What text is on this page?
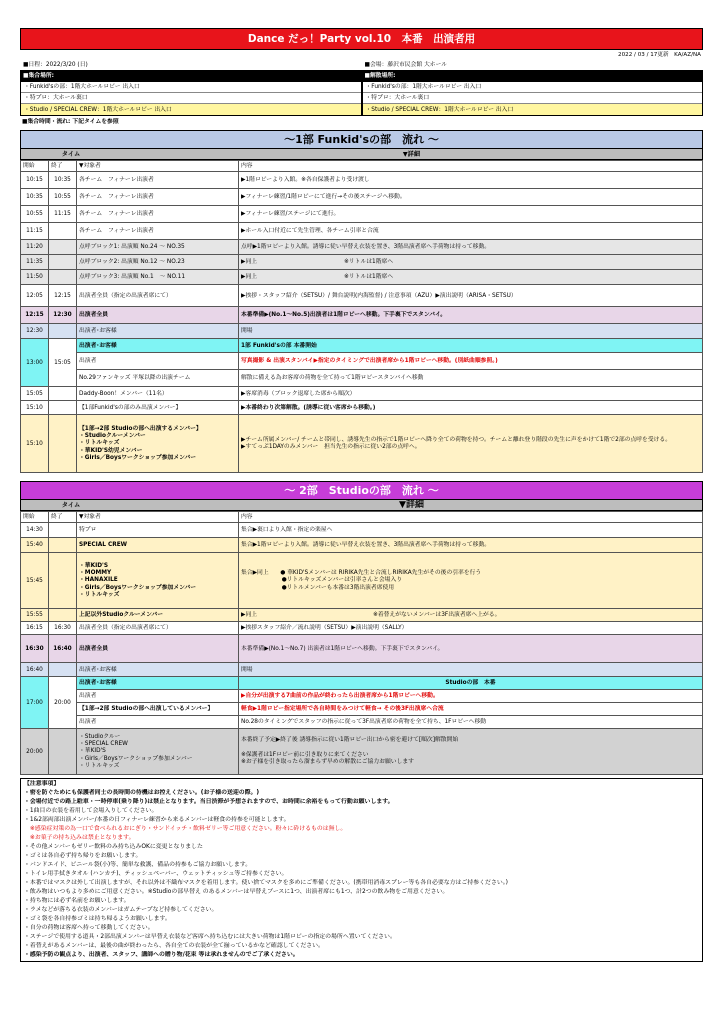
Dance だっ！Party vol.10　本番　出演者用
2022 / 03 / 17更新　KA/AZ/NA
■日程：2022/3/20 (日)
■集合場所:
・Funkid'sの部：1階大ホールロビー 出入口
・特プロ：大ホール裏口
・Studio / SPECIAL CREW：1階大ホールロビー 出入口
■会場：藤沢市民会館 大ホール
■解散場所:
・Funkid'sの部：1階大ホールロビー 出入口
・特プロ：大ホール裏口
・Studio / SPECIAL CREW：1階大ホールロビー 出入口
■集合時間・流れ: 下記タイムを参照
〜1部 Funkid'sの部　流れ 〜
タイム	▼詳細
開始	終了	▼対象者	内容
10:15	10:35	各チーム　フィナーレ出演者	▶1階ロビーより入館。※各自保護者より受け渡し
10:35	10:55	各チーム　フィナーレ出演者	▶フィナーレ練習/1階ロビーにて進行→その後ステージへ移動。
10:55	11:15	各チーム　フィナーレ出演者	▶フィナーレ練習/ステージにて進行。
11:15		各チーム　フィナーレ出演者	▶ホール入口付近にて先生管理、各チーム引率と合流
11:20		点呼ブロック1: 出演順 No.24 〜 NO.35	点呼▶1階ロビーより入館。誘導に従い早替え衣装を置き、3階出演者席へ手荷物は持って移動。
11:35		点呼ブロック2: 出演順 No.12 〜 NO.23	▶同上　　　　　　　　　　　　　　　※リトルは1階席へ
11:50		点呼ブロック3: 出演順 No.1　〜 NO.11	▶同上　　　　　　　　　　　　　　　※リトルは1階席へ
12:05	12:15	出演者全員（指定の出演者席にて）	▶挨拶・スタッフ紹介（SETSU）/ 舞台説明(内海監督) / 注意事項（AZU）▶演出説明（ARISA・SETSU）
12:15	12:30	出演者全員	本番準備▶(No.1〜No.5)出演者は1階ロビーへ移動。下手裏下でスタンバイ。
12:30		出演者･お客様	開場
13:00	15:05	出演者･お客様	1部 Funkid'sの部 本番開始
		出演者	写真撮影 & 出演スタンバイ▶指定のタイミングで出演者席から1階ロビーへ移動。(別紙曲順参照。)
		No.29ファンキッズ 平塚以降の出演チーム	解散に備える為お客席の荷物を全て持って1階ロビースタンバイへ移動
15:05		Daddy-Boon！メンバー（11名）	▶客席消毒（ブロック退席した席から順次）
15:10		【1部Funkid'sの部のみ出演メンバー】	▶本番終わり次第解散。(誘導に従い客席から移動。)
15:10		【1部→2部 Studioの部へ出演するメンバー】
・Studioクルーメンバー
・リトルキッズ
・華KID'S幼児メンバー
・Girls／Boysワークショップ参加メンバー	▶チーム所属メンバー/ チームと帯同し、誘導先生の指示で1階ロビーへ降り全ての荷物を持つ。チームと離れ登り階段の先生に声をかけて1階で2部の点呼を受ける。
▶すてっぷ1DAYのみメンバー　担当先生の指示に従い2部の点呼へ。
〜 2部　Studioの部　流れ 〜
タイム	▼詳細
開始	終了	▼対象者	内容
14:30		特プロ	集合▶裏口より入館・指定の楽屋へ
15:40		SPECIAL CREW	集合▶1階ロビーより入館。誘導に従い早替え衣装を置き、3階出演者席へ手荷物は持って移動。
15:45		・華KID'S
・MOMMY
・HANAXILE
・Girls／Boysワークショップ参加メンバー
・リトルキッズ	集合▶同上　　● 華KID'Sメンバーは RIRIKA先生と合流しRIRIKA先生がその後の引率を行う
　　　　　　　●リトルキッズメンバーは引率さんと会場入り
　　　　　　　●リトルメンバーも本番は3階出演者席使用
15:55		上記以外Studioクルーメンバー	▶同上　　　　　　　　　　　　　　　　　　　　※着替えがないメンバーは3F出演者席へ上がる。
16:15	16:30	出演者全員（指定の出演者席にて）	▶挨拶スタッフ紹介／流れ説明（SETSU）▶演出説明（SALLY）
16:30	16:40	出演者全員	本番準備▶(No.1〜No.7) 出演者は1階ロビーへ移動。下手裏下でスタンバイ。
16:40		出演者･お客様	開場
17:00	20:00	出演者･お客様	Studioの部　本番
		出演者	▶自分が出演する7曲前の作品が終わったら出演者席から1階ロビーへ移動。
		【1部→2部 Studioの部へ出演しているメンバー】	軽食▶1階ロビー指定場所で各自時間をみつけて軽食→ その後3F出演席へ合流
		出演者	No.28のタイミングでスタッフの指示に従って3F出演者席の荷物を全て持ち、1Fロビーへ移動
20:00		・Studioクルー
・SPECIAL CREW
・華KID'S
・Girls／Boysワークショップ参加メンバー
・リトルキッズ	本番終了予定▶終了後 誘導指示に従い1階ロビー出口から密を避けて[順次]解散開始

※保護者は1Fロビー前に引き取りに来てください
※お子様を引き取ったら溜まらず早めの解散にご協力お願いします
【注意事項】
・密を防ぐためにも保護者同士の長時間の待機はお控えください。(お子様の送迎の際。)
・会場付近での路上駐車・一時停車(乗り降り)は禁止となります。当日渋滞が予想されますので、お時間に余裕をもって行動お願いします。
・1曲目の衣装を着用して会場入りしてください。
・1&2部両部出演メンバー/本番の日フィナーレ練習から来るメンバーは軽食の持参を可能とします。
　※感染症対策の為一口で食べられるおにぎり・サンドイッチ・飲料ゼリー等ご用意ください。粉々に砕けるものは無し。
　※お菓子の持ち込みは禁止となります。
・その他メンバーもゼリー飲料のみ持ち込みOKに変更となりました
・ゴミは各自必ず持ち帰りをお願いします。
・バンドエイド、ビニール袋(小)等、簡単な救護、備品の持参もご協力お願いします。
・トイレ用手拭きタオル (ハンカチ)、ティッシュペーパー、ウェットティッシュ等ご持参ください。
・本番ではマスクは外して出演しますが、それ以外は不織布マスクを着用します。使い捨てマスクを多めにご準備ください。(携帯用消毒スプレー等も各自必要な方はご持参ください。)
・飲み物はいつもより多めにご用意ください。※Studioの部早替え のあるメンバーは早替えブースに1つ、出演者席にも1つ、計2つの飲み物をご用意ください。
・持ち物には必ず名前をお願いします。
・ラメなどが落ちる衣装のメンバーはガムテープなど持参してください。
・ゴミ袋を各自持参ゴミは持ち帰るようお願いします。
・自分の荷物は客席へ持って移動してください。
・ステージで使用する道具・2部出演メンバーは早替え衣装など客席へ持ち込むには大きい荷物は1階ロビーの指定の場所へ置いてください。
・着替えがあるメンバーは、最後の曲が終わったら、各自全ての衣装が全て揃っているかなど確認してください。
・感染予防の観点より、出演者、スタッフ、講師への贈り物/花束 等は承れませんのでご了承ください。
